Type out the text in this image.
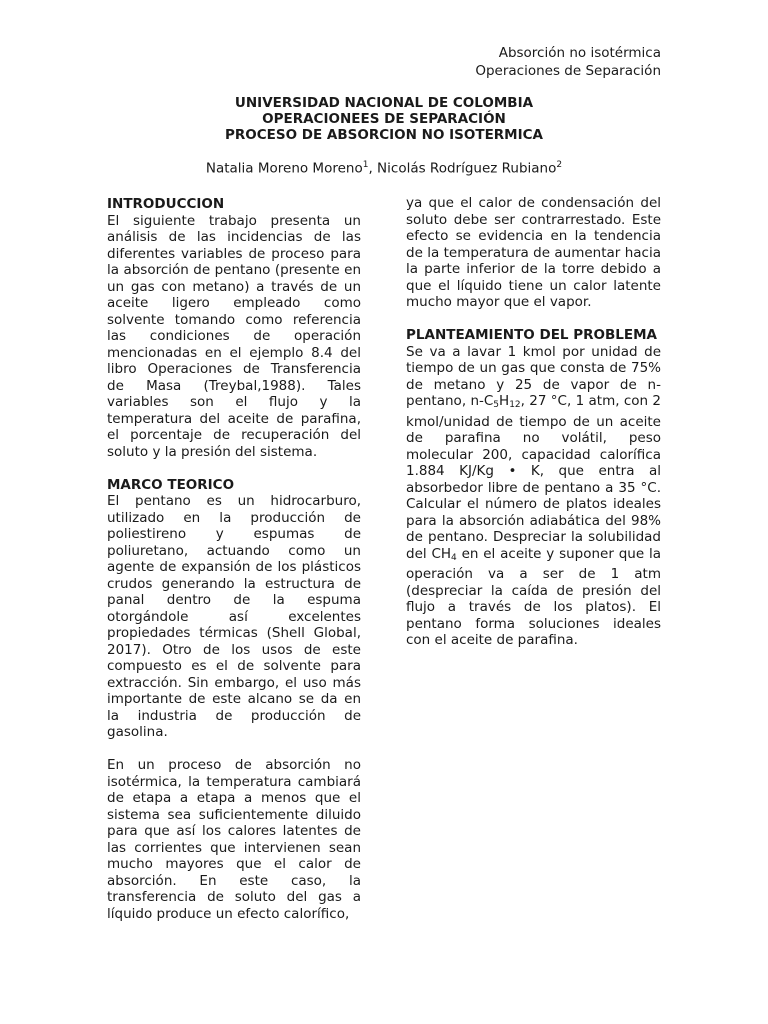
Absorción no isotérmica
Operaciones de Separación
UNIVERSIDAD NACIONAL DE COLOMBIA
OPERACIONEES DE SEPARACIÓN
PROCESO DE ABSORCION NO ISOTERMICA
Natalia Moreno Moreno$^1$, Nicolás Rodríguez Rubiano$^2$
INTRODUCCION

El siguiente trabajo presenta un análisis de las incidencias de las diferentes variables de proceso para la absorción de pentano (presente en un gas con metano) a través de un aceite ligero empleado como solvente tomando como referencia las condiciones de operación mencionadas en el ejemplo 8.4 del libro Operaciones de Transferencia de Masa (Treybal,1988). Tales variables son el flujo y la temperatura del aceite de parafina, el porcentaje de recuperación del soluto y la presión del sistema.

MARCO TEORICO

El pentano es un hidrocarburo, utilizado en la producción de poliestireno y espumas de poliuretano, actuando como un agente de expansión de los plásticos crudos generando la estructura de panal dentro de la espuma otorgándole así excelentes propiedades térmicas (Shell Global, 2017). Otro de los usos de este compuesto es el de solvente para extracción. Sin embargo, el uso más importante de este alcano se da en la industria de producción de gasolina.

En un proceso de absorción no isotérmica, la temperatura cambiará de etapa a etapa a menos que el sistema sea suficientemente diluido para que así los calores latentes de las corrientes que intervienen sean mucho mayores que el calor de absorción. En este caso, la transferencia de soluto del gas a líquido produce un efecto calorífico,

ya que el calor de condensación del soluto debe ser contrarrestado. Este efecto se evidencia en la tendencia de la temperatura de aumentar hacia la parte inferior de la torre debido a que el líquido tiene un calor latente mucho mayor que el vapor.

PLANTEAMIENTO DEL PROBLEMA

Se va a lavar 1 kmol por unidad de tiempo de un gas que consta de 75% de metano y 25 de vapor de n-pentano, $n-C_5H_{12}$, 27 °C, 1 atm, con 2 kmol/unidad de tiempo de un aceite de parafina no volátil, peso molecular 200, capacidad calorífica 1.884 KJ/Kg • K, que entra al absorbedor libre de pentano a 35 °C. Calcular el número de platos ideales para la absorción adiabática del 98% de pentano. Despreciar la solubilidad del $CH_4$ en el aceite y suponer que la operación va a ser de 1 atm (despreciar la caída de presión del flujo a través de los platos). El pentano forma soluciones ideales con el aceite de parafina.
